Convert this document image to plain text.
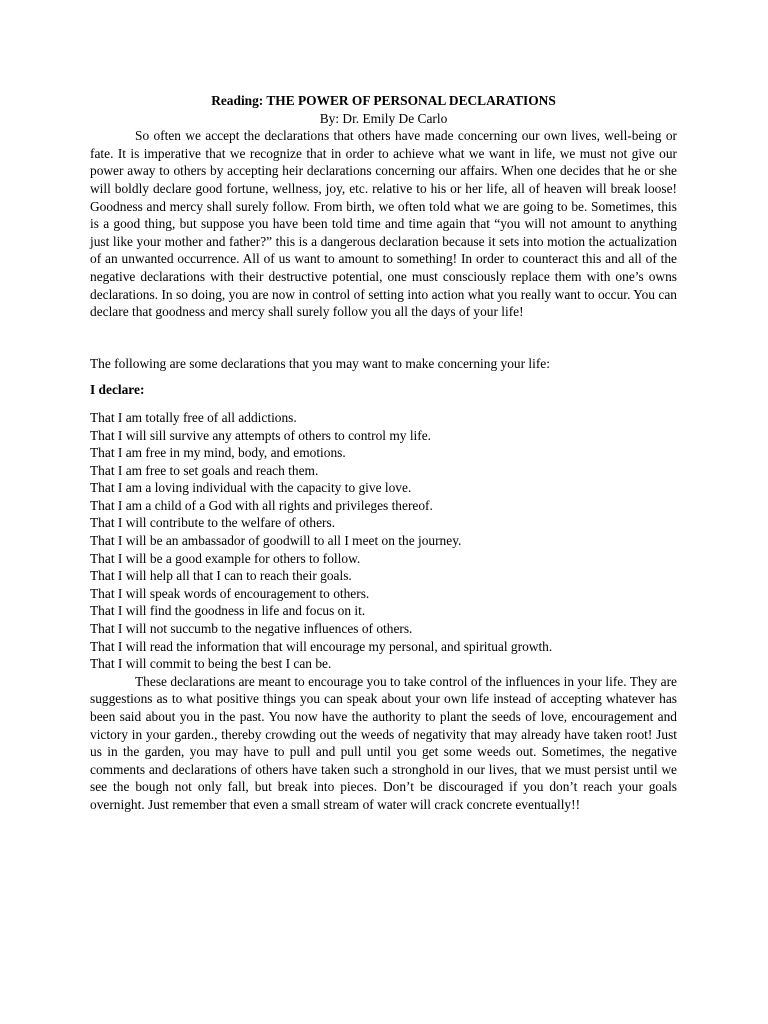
Reading: THE POWER OF PERSONAL DECLARATIONS

By: Dr. Emily De Carlo

So often we accept the declarations that others have made concerning our own lives, well-being or fate. It is imperative that we recognize that in order to achieve what we want in life, we must not give our power away to others by accepting heir declarations concerning our affairs. When one decides that he or she will boldly declare good fortune, wellness, joy, etc. relative to his or her life, all of heaven will break loose! Goodness and mercy shall surely follow. From birth, we often told what we are going to be. Sometimes, this is a good thing, but suppose you have been told time and time again that “you will not amount to anything just like your mother and father?” this is a dangerous declaration because it sets into motion the actualization of an unwanted occurrence. All of us want to amount to something! In order to counteract this and all of the negative declarations with their destructive potential, one must consciously replace them with one’s owns declarations. In so doing, you are now in control of setting into action what you really want to occur. You can declare that goodness and mercy shall surely follow you all the days of your life!

The following are some declarations that you may want to make concerning your life:

I declare:

That I am totally free of all addictions.
That I will sill survive any attempts of others to control my life.
That I am free in my mind, body, and emotions.
That I am free to set goals and reach them.
That I am a loving individual with the capacity to give love.
That I am a child of a God with all rights and privileges thereof.
That I will contribute to the welfare of others.
That I will be an ambassador of goodwill to all I meet on the journey.
That I will be a good example for others to follow.
That I will help all that I can to reach their goals.
That I will speak words of encouragement to others.
That I will find the goodness in life and focus on it.
That I will not succumb to the negative influences of others.
That I will read the information that will encourage my personal, and spiritual growth.
That I will commit to being the best I can be.

These declarations are meant to encourage you to take control of the influences in your life. They are suggestions as to what positive things you can speak about your own life instead of accepting whatever has been said about you in the past. You now have the authority to plant the seeds of love, encouragement and victory in your garden., thereby crowding out the weeds of negativity that may already have taken root! Just us in the garden, you may have to pull and pull until you get some weeds out. Sometimes, the negative comments and declarations of others have taken such a stronghold in our lives, that we must persist until we see the bough not only fall, but break into pieces. Don’t be discouraged if you don’t reach your goals overnight. Just remember that even a small stream of water will crack concrete eventually!!
